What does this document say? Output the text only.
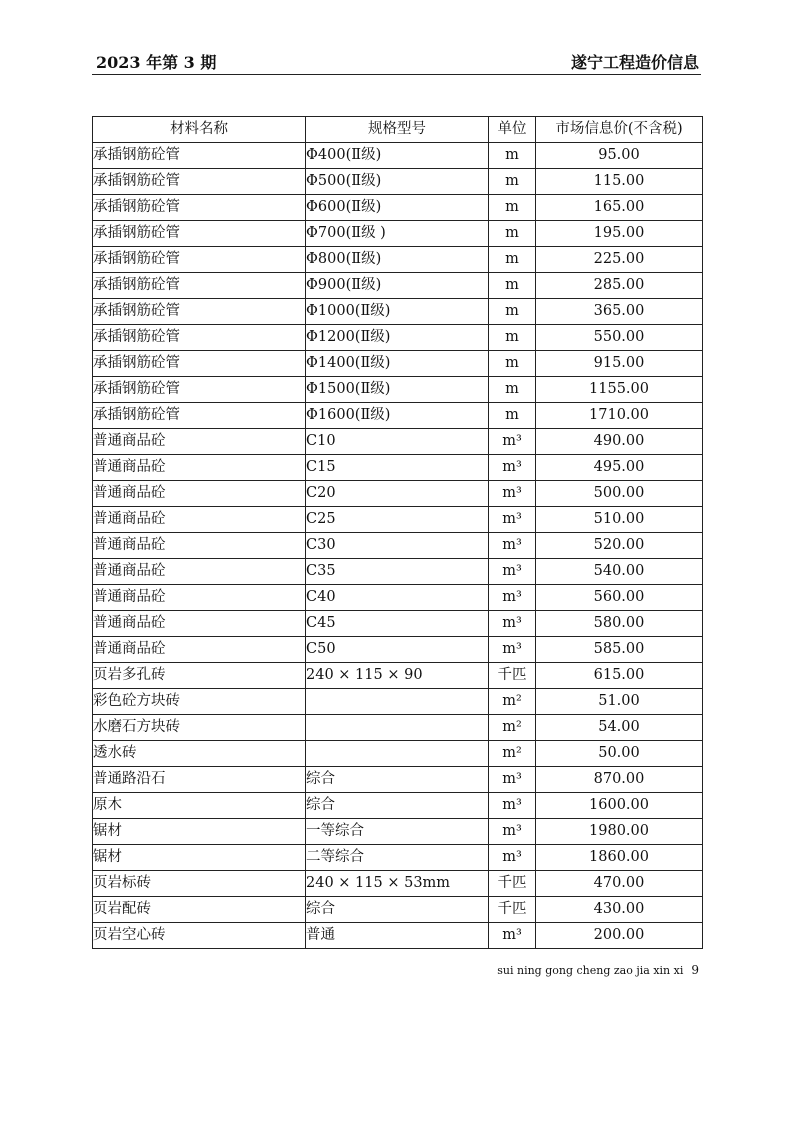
2023 年第 3 期	遂宁工程造价信息
材料名称	规格型号	单位	市场信息价(不含税)
承插钢筋砼管	Φ400(Ⅱ级)	m	95.00
承插钢筋砼管	Φ500(Ⅱ级)	m	115.00
承插钢筋砼管	Φ600(Ⅱ级)	m	165.00
承插钢筋砼管	Φ700(Ⅱ级 )	m	195.00
承插钢筋砼管	Φ800(Ⅱ级)	m	225.00
承插钢筋砼管	Φ900(Ⅱ级)	m	285.00
承插钢筋砼管	Φ1000(Ⅱ级)	m	365.00
承插钢筋砼管	Φ1200(Ⅱ级)	m	550.00
承插钢筋砼管	Φ1400(Ⅱ级)	m	915.00
承插钢筋砼管	Φ1500(Ⅱ级)	m	1155.00
承插钢筋砼管	Φ1600(Ⅱ级)	m	1710.00
普通商品砼	C10	m³	490.00
普通商品砼	C15	m³	495.00
普通商品砼	C20	m³	500.00
普通商品砼	C25	m³	510.00
普通商品砼	C30	m³	520.00
普通商品砼	C35	m³	540.00
普通商品砼	C40	m³	560.00
普通商品砼	C45	m³	580.00
普通商品砼	C50	m³	585.00
页岩多孔砖	240 × 115 × 90	千匹	615.00
彩色砼方块砖		m²	51.00
水磨石方块砖		m²	54.00
透水砖		m²	50.00
普通路沿石	综合	m³	870.00
原木	综合	m³	1600.00
锯材	一等综合	m³	1980.00
锯材	二等综合	m³	1860.00
页岩标砖	240 × 115 × 53mm	千匹	470.00
页岩配砖	综合	千匹	430.00
页岩空心砖	普通	m³	200.00
sui ning gong cheng zao jia xin xi 9
